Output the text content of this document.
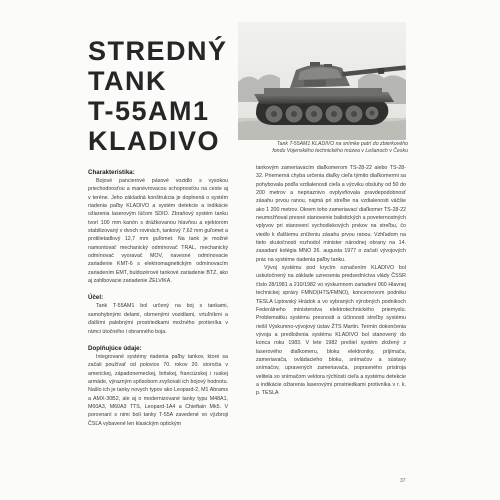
STREDNÝ
TANK
T-55AM1
KLADIVO	Tank T-55AM1 KLADIVO na snímke patrí do zbierkového fondu Vojenského technického múzea v Lešanoch v Česku
Charakteristika:

Bojové pancierové pásové vozidlo s vysokou priechodnosťou a manévrovacou schopnosťou na ceste aj v teréne. Jeho základná konštrukcia je doplnená o systém riadenia paľby KLADIVO a systém detekcie a indikácie ožiarenia laserovým lúčom SDIO. Zbraňový systém tanku tvorí 100 mm kanón s drážkovanou hlavňou a ejektorom stabilizovaný v dvoch rovinách, tankový 7,62 mm guľomet a protilietadlový 12,7 mm guľomet. Na tank je možné namontovať mechanický odmínovač TRAL, mechanický odmínovač vyoravač MOV, navesné odmínovacie zariadenie KMT-6 s elektromagnetickým odmínovacím zariadením EMT, buldozérové tankové zariadenie BTZ, ako aj zahlbovacie zariadenie ŽELVIKA.

Účel:

Tank T-55AM1 bol určený na boj s tankami, samohybnými delami, obrnenými vozidlami, vrtuľníkmi a ďalšími palebnými prostriedkami možného protivníka v rámci útočného i obranného boja.

Doplňujúce údaje:

Integrované systémy riadenia paľby tankov, ktoré sa začali používať od polovice 70. rokov 20. storočia v americkej, západonemeckej, britskej, francúzskej i ruskej armáde, výrazným spôsobom zvyšovali ich bojový hodnotu. Našlo ich je tanky novych typov ako Leopard-2, M1 Abrams a AMX-30B2, ale aj o modernizované tanky typu M48A1, M60A3, M60A3 TTS, Leopard-1A4 a Chieftain Mk5. V porovnaní s nimi boli tanky T-55A zavedené vo výzbroji ČSĽA vybavené len klasickým optickým

tankovým zameriavacím diaľkomerom TS-28-22 alebo TS-28-32. Priemerná chyba určenia diaľky cieľa týmito diaľkomermi sa pohybovala podľa vzdialenosti cieľa a výcviku obsluhy od 50 do 200 metrov a nepriaznivo ovplyvňovala pravdepodobnosť zásahu prvou ranou, najmä pri streľbe na vzdialenosti väčšie ako 1 200 metrov. Okrem toho zameriavací diaľkomer TS-28-22 neumožňoval presné stanovenie balistických a poveternostných vplyvov pri stanovení vychodiskových prvkov na streľbu, čo viedlo k ďalšiemu zníženiu zásahu prvou ranou. Vzhľadom na tieto skutočnosti rozhodol minister národnej obrany na 14. zasadaní kolégia MNO 26. augusta 1977 o začatí vývojových prác na systéme riadenia paľby tanku.

Vývoj systému pod krycím označením KLADIVO bol uskutočnený na základe uznesenia predsedníctva vlády ČSSR číslo 28/1981 a 210/1982 vo výskumnom zariadení 060 Hlavnej technickej správy FMNO(HTS/FMNO), koncernovom podniku TESLA Liptovský Hrádok a vo vybraných výrobných podnikoch Federálneho ministerstva elektrotechnického priemyslu. Problematiku systému presnosti a účinnosti streľby systému riešil Výskumno-vývojový ústav ŽTS Martin. Termín dokončenia vývoja a predloženia systému KLADIVO bol stanovený do konca roku 1983. V lete 1982 prešiel systém zložený z laserového diaľkomeru, bloku elektroniky, prijímača, zameriavača, ovládacieho bloku, snímačov a sústavy snímačov, upravených zameriavača, popravného pristroja velitela so snímačom vektora rýchlosti cieľa a systému detekcie a indikácie ožiarenia laserovými prostriedkami protivníka v r. k. p. TESLA

37
